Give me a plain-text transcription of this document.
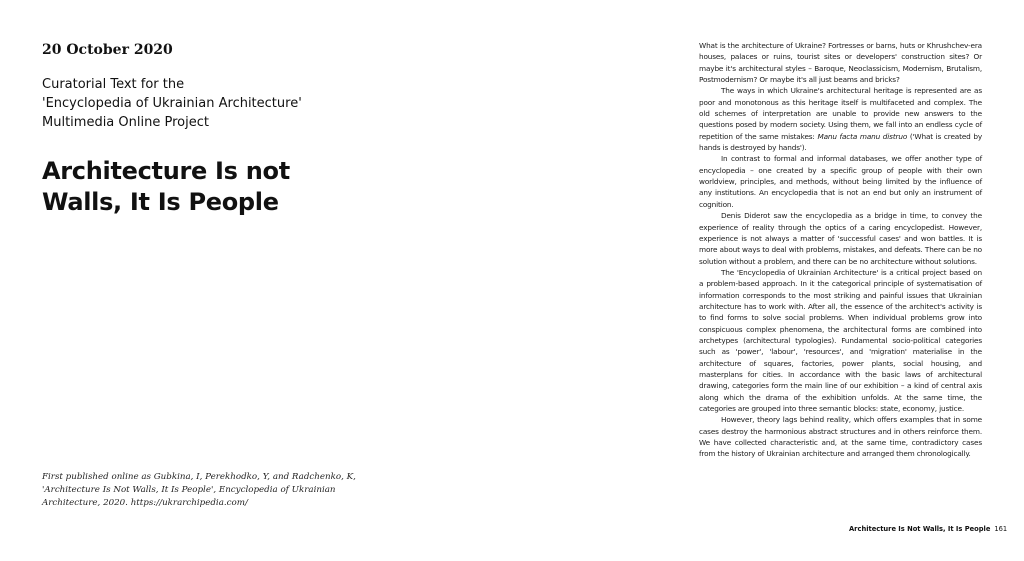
20 October 2020
Curatorial Text for the
'Encyclopedia of Ukrainian Architecture'
Multimedia Online Project
Architecture Is not
Walls, It Is People
First published online as Gubkina, I, Perekhodko, Y, and Radchenko, K,
'Architecture Is Not Walls, It Is People', Encyclopedia of Ukrainian
Architecture, 2020. https://ukrarchipedia.com/

What is the architecture of Ukraine? Fortresses or barns, huts or Khrushchev-era houses, palaces or ruins, tourist sites or developers' construction sites? Or maybe it's architectural styles – Baroque, Neoclassicism, Modernism, Brutalism, Postmodernism? Or maybe it's all just beams and bricks?

The ways in which Ukraine's architectural heritage is represented are as poor and monotonous as this heritage itself is multifaceted and complex. The old schemes of interpretation are unable to provide new answers to the questions posed by modern society. Using them, we fall into an endless cycle of repetition of the same mistakes: Manu facta manu distruo ('What is created by hands is destroyed by hands').

In contrast to formal and informal databases, we offer another type of encyclopedia – one created by a specific group of people with their own worldview, principles, and methods, without being limited by the influence of any institutions. An encyclopedia that is not an end but only an instrument of cognition.

Denis Diderot saw the encyclopedia as a bridge in time, to convey the experience of reality through the optics of a caring encyclopedist. However, experience is not always a matter of 'successful cases' and won battles. It is more about ways to deal with problems, mistakes, and defeats. There can be no solution without a problem, and there can be no architecture without solutions.

The 'Encyclopedia of Ukrainian Architecture' is a critical project based on a problem-based approach. In it the categorical principle of systematisation of information corresponds to the most striking and painful issues that Ukrainian architecture has to work with. After all, the essence of the architect's activity is to find forms to solve social problems. When individual problems grow into conspicuous complex phenomena, the architectural forms are combined into archetypes (architectural typologies). Fundamental socio-political categories such as 'power', 'labour', 'resources', and 'migration' materialise in the architecture of squares, factories, power plants, social housing, and masterplans for cities. In accordance with the basic laws of architectural drawing, categories form the main line of our exhibition – a kind of central axis along which the drama of the exhibition unfolds. At the same time, the categories are grouped into three semantic blocks: state, economy, justice.

However, theory lags behind reality, which offers examples that in some cases destroy the harmonious abstract structures and in others reinforce them. We have collected characteristic and, at the same time, contradictory cases from the history of Ukrainian architecture and arranged them chronologically.

Architecture Is Not Walls, It Is People 161
